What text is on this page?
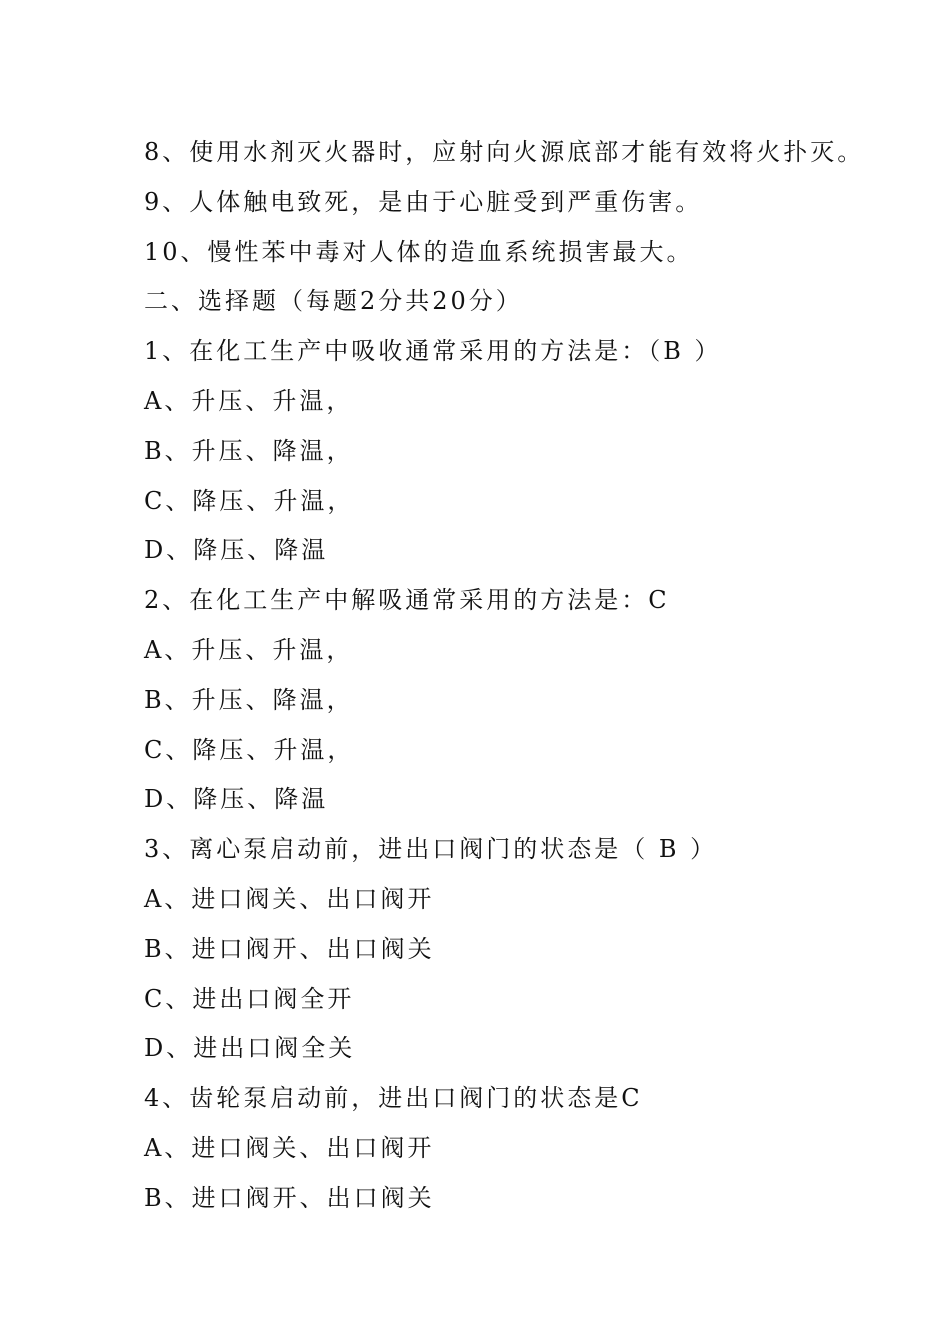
8、使用水剂灭火器时，应射向火源底部才能有效将火扑灭。
9、人体触电致死，是由于心脏受到严重伤害。
10、慢性苯中毒对人体的造血系统损害最大。
二、选择题（每题2分共20分）
1、在化工生产中吸收通常采用的方法是：（B ）
A、升压、升温，
B、升压、降温，
C、降压、升温，
D、降压、降温
2、在化工生产中解吸通常采用的方法是：C
A、升压、升温，
B、升压、降温，
C、降压、升温，
D、降压、降温
3、离心泵启动前，进出口阀门的状态是（ B ）
A、进口阀关、出口阀开
B、进口阀开、出口阀关
C、进出口阀全开
D、进出口阀全关
4、齿轮泵启动前，进出口阀门的状态是C
A、进口阀关、出口阀开
B、进口阀开、出口阀关
